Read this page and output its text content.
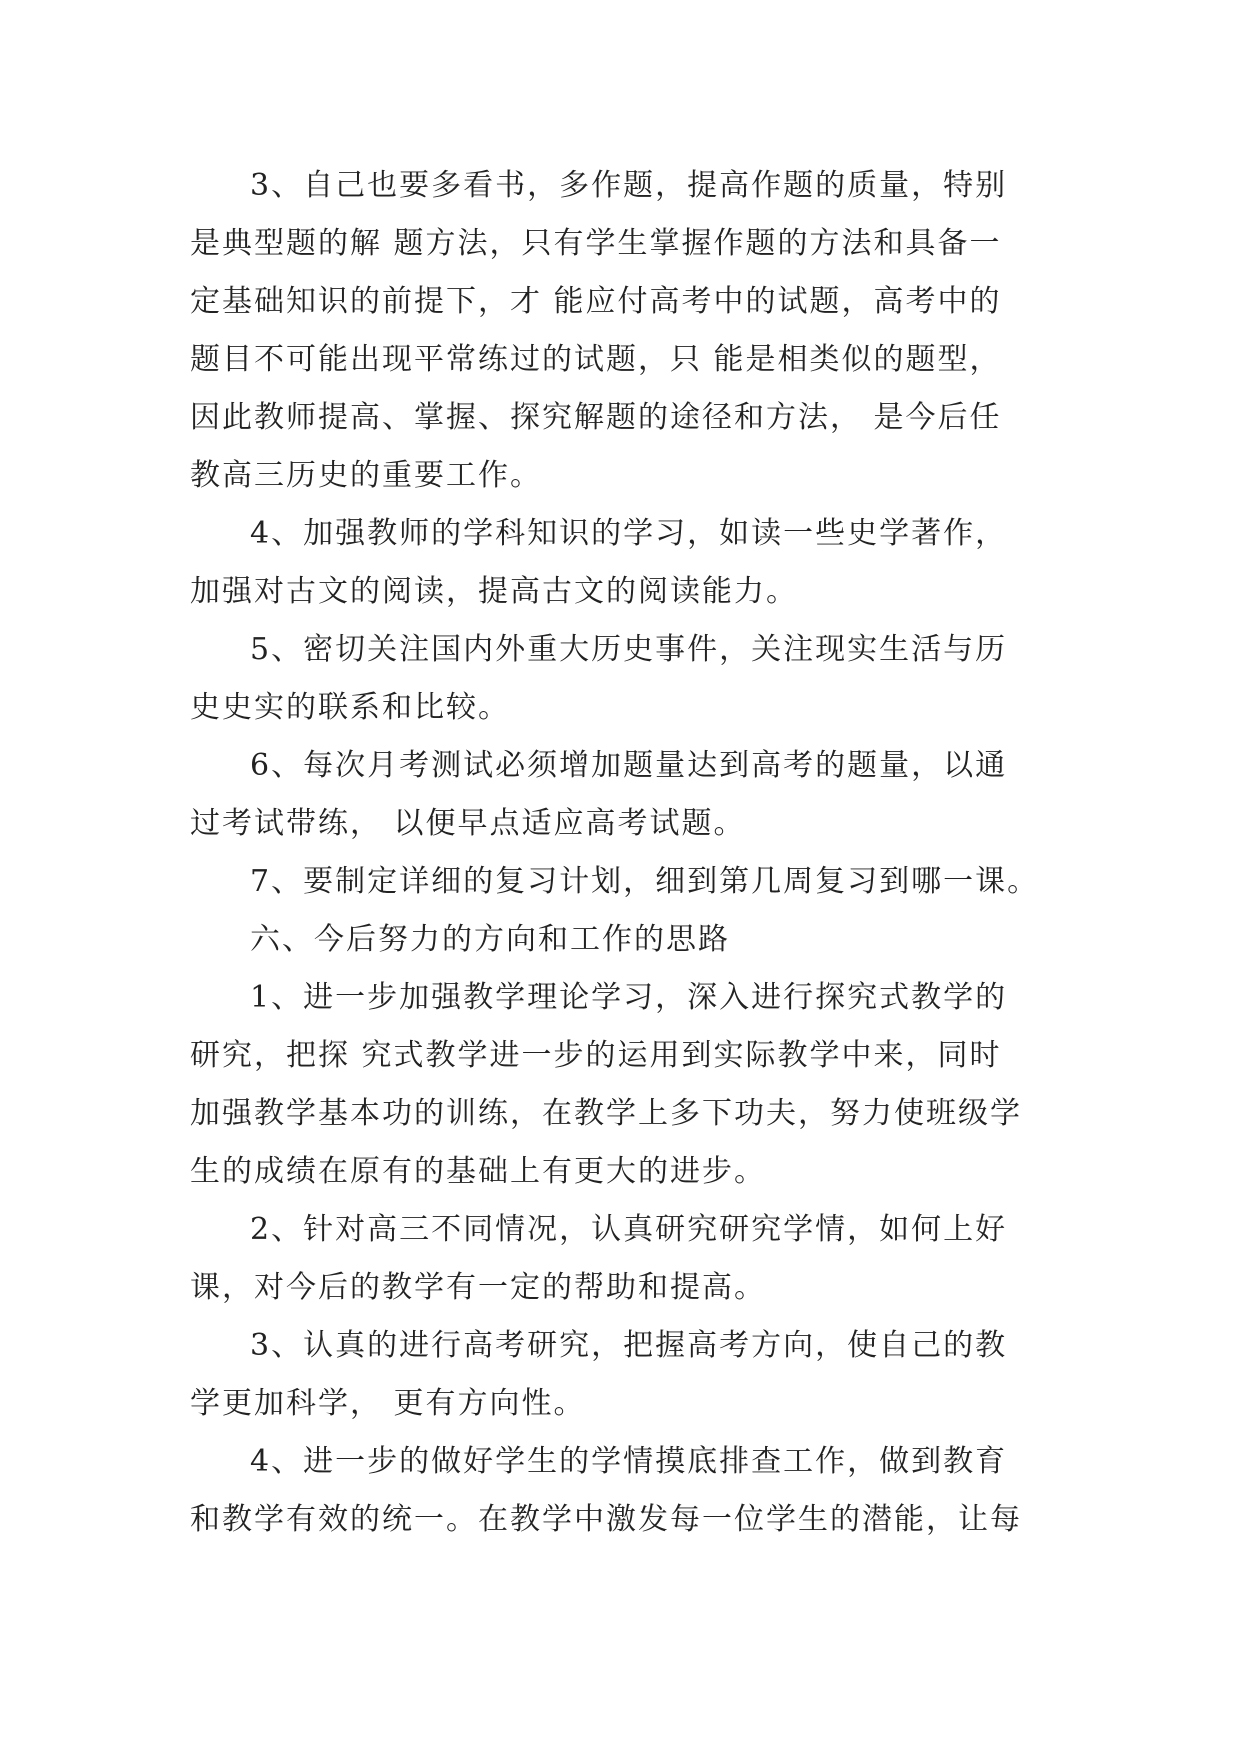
3、自己也要多看书，多作题，提高作题的质量，特别
是典型题的解 题方法，只有学生掌握作题的方法和具备一
定基础知识的前提下，才 能应付高考中的试题，高考中的
题目不可能出现平常练过的试题，只 能是相类似的题型，
因此教师提高、掌握、探究解题的途径和方法， 是今后任
教高三历史的重要工作。
4、加强教师的学科知识的学习，如读一些史学著作，
加强对古文的阅读，提高古文的阅读能力。
5、密切关注国内外重大历史事件，关注现实生活与历
史史实的联系和比较。
6、每次月考测试必须增加题量达到高考的题量，以通
过考试带练， 以便早点适应高考试题。
7、要制定详细的复习计划，细到第几周复习到哪一课。
六、今后努力的方向和工作的思路
1、进一步加强教学理论学习，深入进行探究式教学的
研究，把探 究式教学进一步的运用到实际教学中来，同时
加强教学基本功的训练，在教学上多下功夫，努力使班级学
生的成绩在原有的基础上有更大的进步。
2、针对高三不同情况，认真研究研究学情，如何上好
课，对今后的教学有一定的帮助和提高。
3、认真的进行高考研究，把握高考方向，使自己的教
学更加科学， 更有方向性。
4、进一步的做好学生的学情摸底排查工作，做到教育
和教学有效的统一。在教学中激发每一位学生的潜能，让每
